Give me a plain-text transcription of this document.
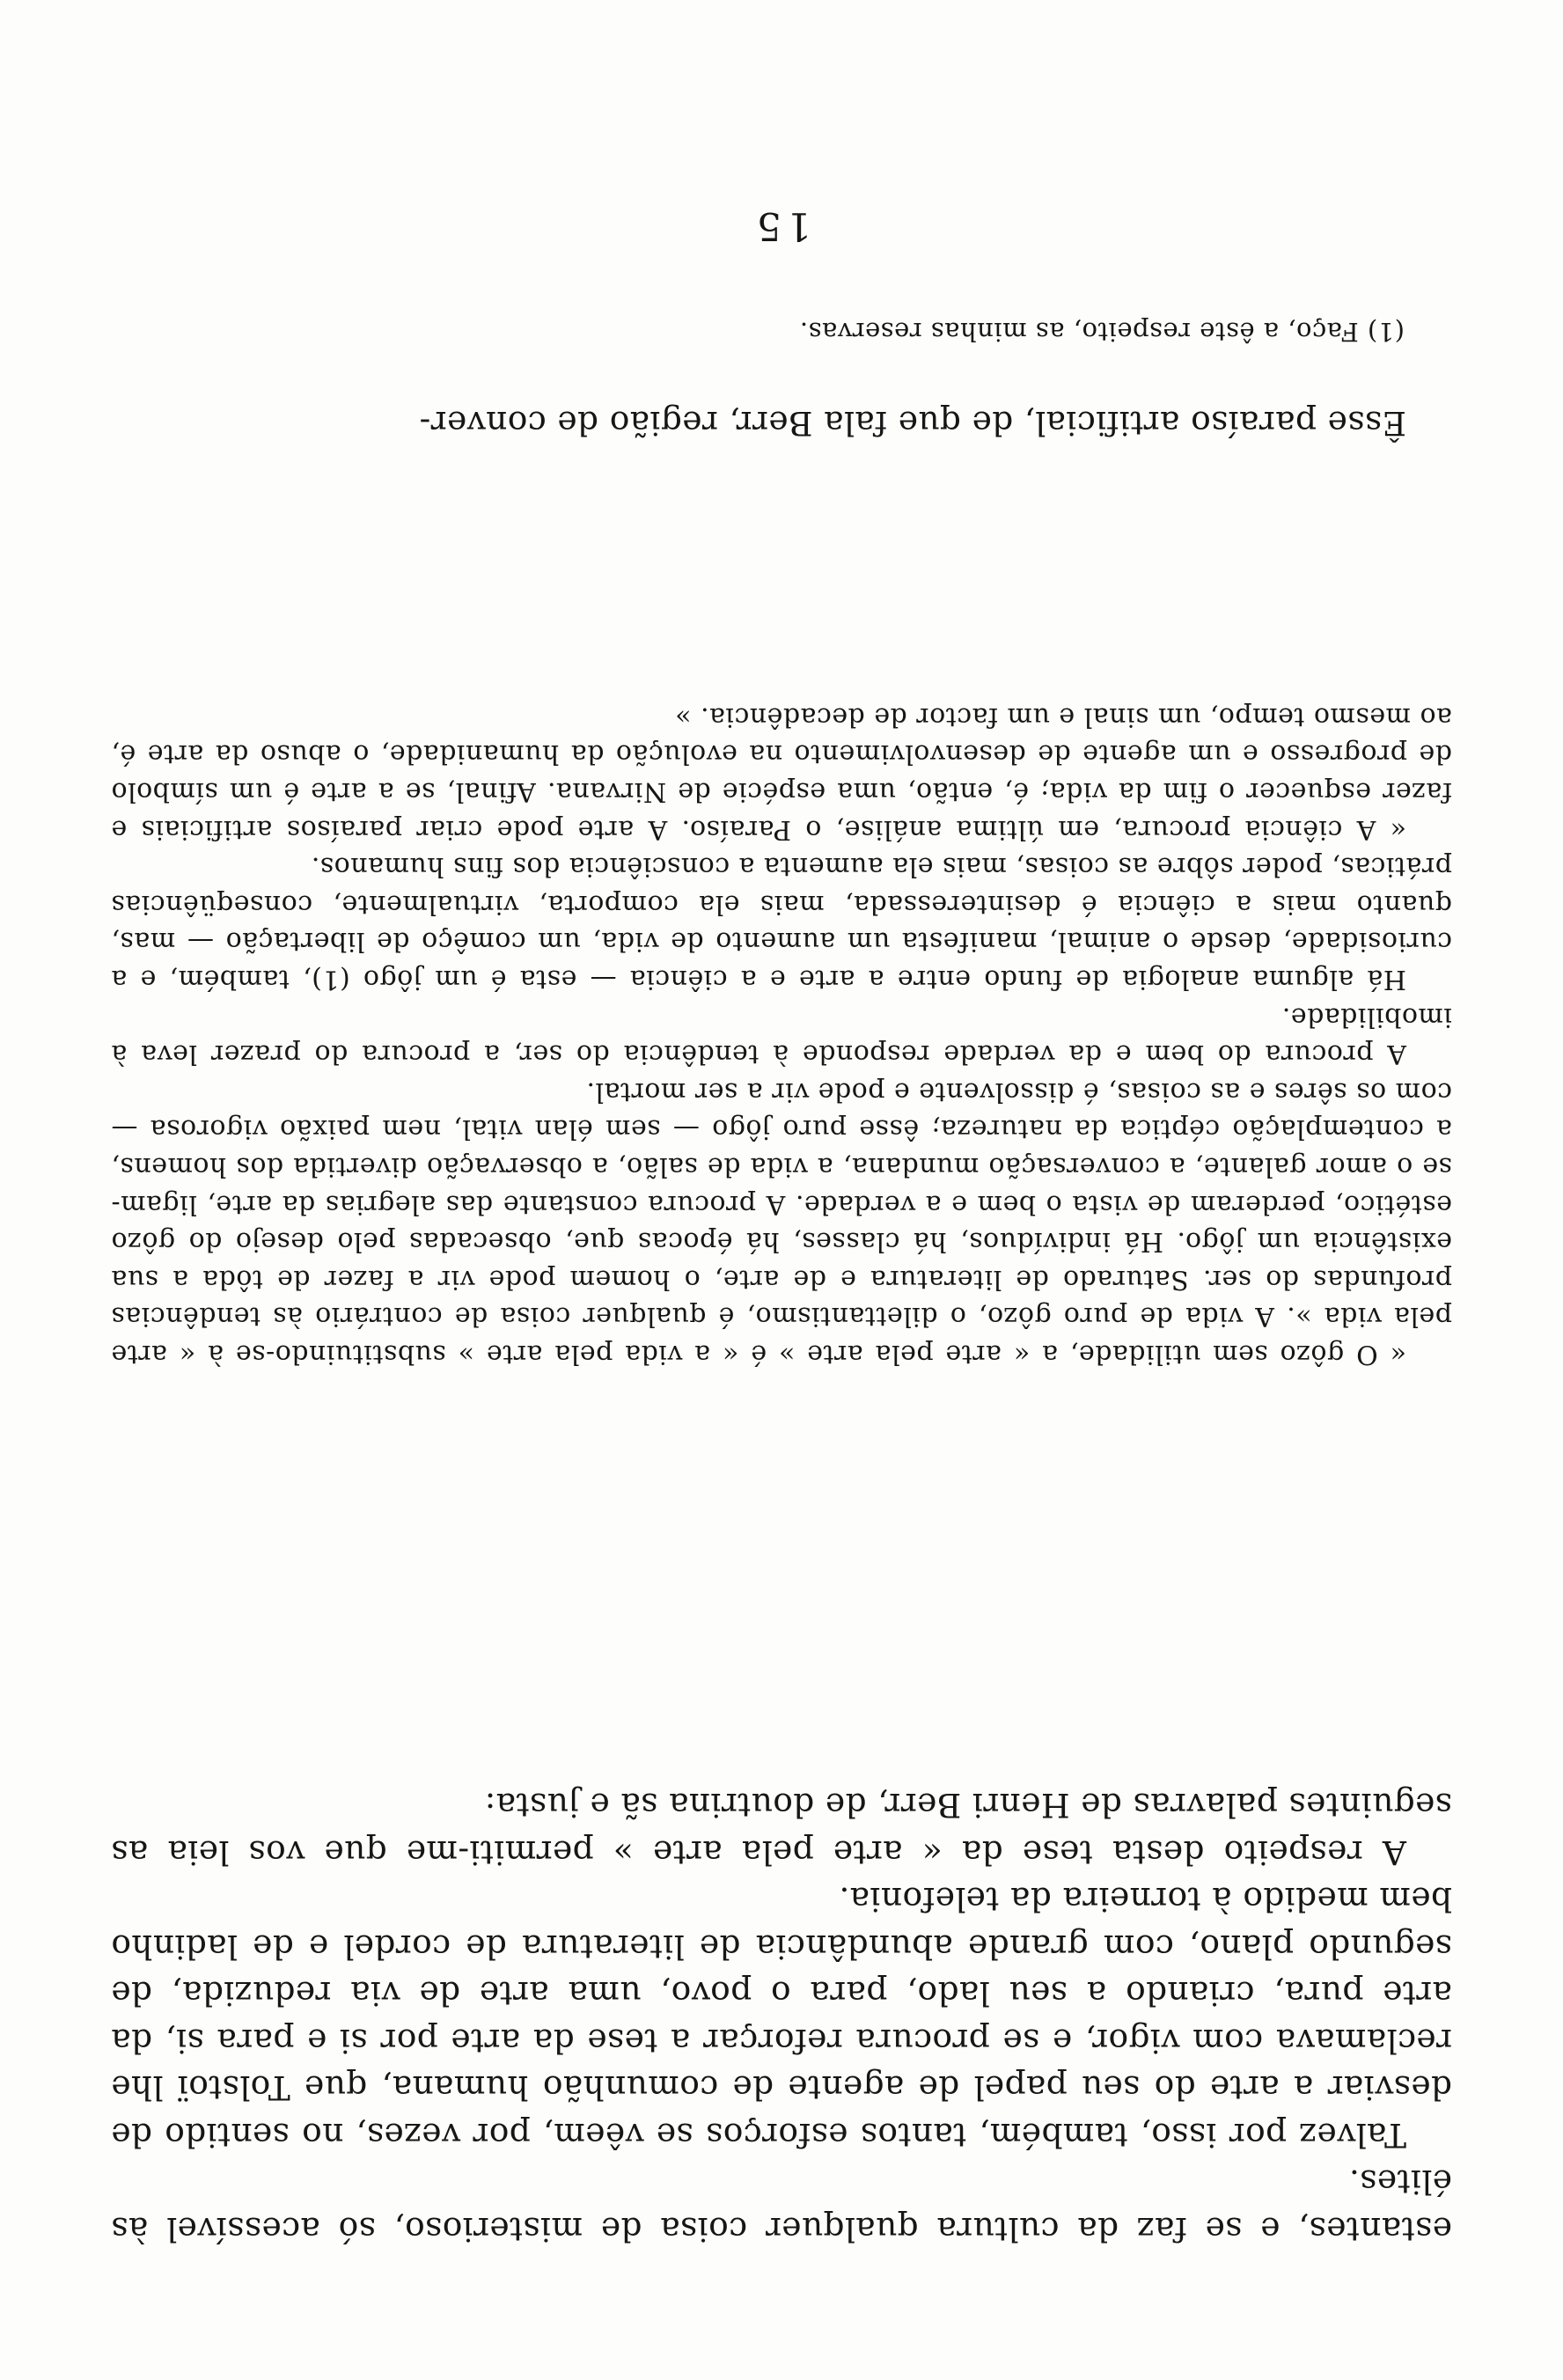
estantes, e se faz da cultura qualquer coisa de misterioso, só acessível às élites.

Talvez por isso, também, tantos esforços se vêem, por vezes, no sentido de desviar a arte do seu papel de agente de comunhão humana, que Tolstoï lhe reclamava com vigor, e se procura reforçar a tese da arte por si e para si, da arte pura, criando a seu lado, para o povo, uma arte de via reduzida, de segundo plano, com grande abundância de literatura de cordel e de ladinho bem medido à torneira da telefonia.

A respeito desta tese da « arte pela arte » permiti-me que vos leia as seguintes palavras de Henri Berr, de doutrina sã e justa:

« O gôzo sem utilidade, a « arte pela arte » é « a vida pela arte » substituindo-se à « arte pela vida ». A vida de puro gôzo, o dilettantismo, é qualquer coisa de contrário às tendências profundas do ser. Saturado de literatura e de arte, o homem pode vir a fazer de tôda a sua existência um jôgo. Há indivíduos, há classes, há épocas que, obsecadas pelo desejo do gôzo estético, perderam de vista o bem e a verdade. A procura constante das alegrias da arte, ligam-se o amor galante, a conversação mundana, a vida de salão, a observação divertida dos homens, a contemplação céptica da natureza; êsse puro jôgo — sem élan vital, nem paixão vigorosa — com os sêres e as coisas, é dissolvente e pode vir a ser mortal.

A procura do bem e da verdade responde à tendência do ser, a procura do prazer leva à imobilidade.

Há alguma analogia de fundo entre a arte e a ciência — esta é um jôgo (1), também, e a curiosidade, desde o animal, manifesta um aumento de vida, um comêço de libertação — mas, quanto mais a ciência é desinteressada, mais ela comporta, virtualmente, conseqüências práticas, poder sôbre as coisas, mais ela aumenta a consciência dos fins humanos.

« A ciência procura, em última análise, o Paraíso. A arte pode criar paraísos artificiais e fazer esquecer o fim da vida; é, então, uma espécie de Nirvana. Afinal, se a arte é um símbolo de progresso e um agente de desenvolvimento na evolução da humanidade, o abuso da arte é, ao mesmo tempo, um sinal e um factor de decadência. »

Êsse paraíso artificial, de que fala Berr, região de conver-

(1) Faço, a êste respeito, as minhas reservas.

15
